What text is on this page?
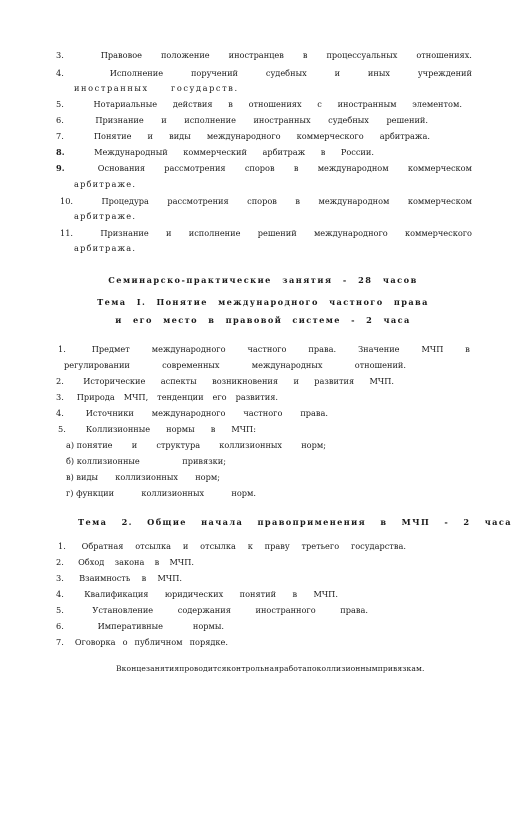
3.	Правовое положение иностранцев в процессуальных отношениях.
4.	Исполнение	поручений	судебных	и	иных	учреждений
иностранных	государств.
5.	Нотариальные действия в отношениях с иностранным элементом.
6.	Признание и исполнение иностранных судебных решений.
7.	Понятие и виды международного коммерческого арбитража.
8.	Международный коммерческий арбитраж в России.
9.	Основания рассмотрения споров в международном коммерческом
арбитраже.
10.	Процедура рассмотрения споров в международном коммерческом
арбитраже.
11.	Признание и исполнение решений международного коммерческого
арбитража.
Семинарско-практические занятия - 28 часов
Тема I. Понятие международного частного права
и его место в правовой системе - 2 часа
1.	Предмет	международного	частного	права.	Значение	МЧП	в
регулировании	современных	международных	отношений.
2. Исторические аспекты возникновения и развития МЧП.
3. Природа МЧП, тенденции его развития.
4.	Источники международного частного права.
5. Коллизионные нормы в МЧП:
а) понятие и структура коллизионных норм;
б) коллизионные	привязки;
в) виды коллизионных норм;
г) функции	коллизионных	норм.
Тема 2. Общие начала правоприменения в МЧП - 2 часа
1. Обратная отсылка и отсылка к праву третьего государства.
2. Обход закона в МЧП.
3. Взаимность в МЧП.
4. Квалификация юридических понятий в МЧП.
5.	Установление	содержания	иностранного	права.
6.	Императивные	нормы.
7. Оговорка о публичном порядке.
Вконцезанятияпроводитсяконтрольнаяработапоколлизионнымпривязкам.
